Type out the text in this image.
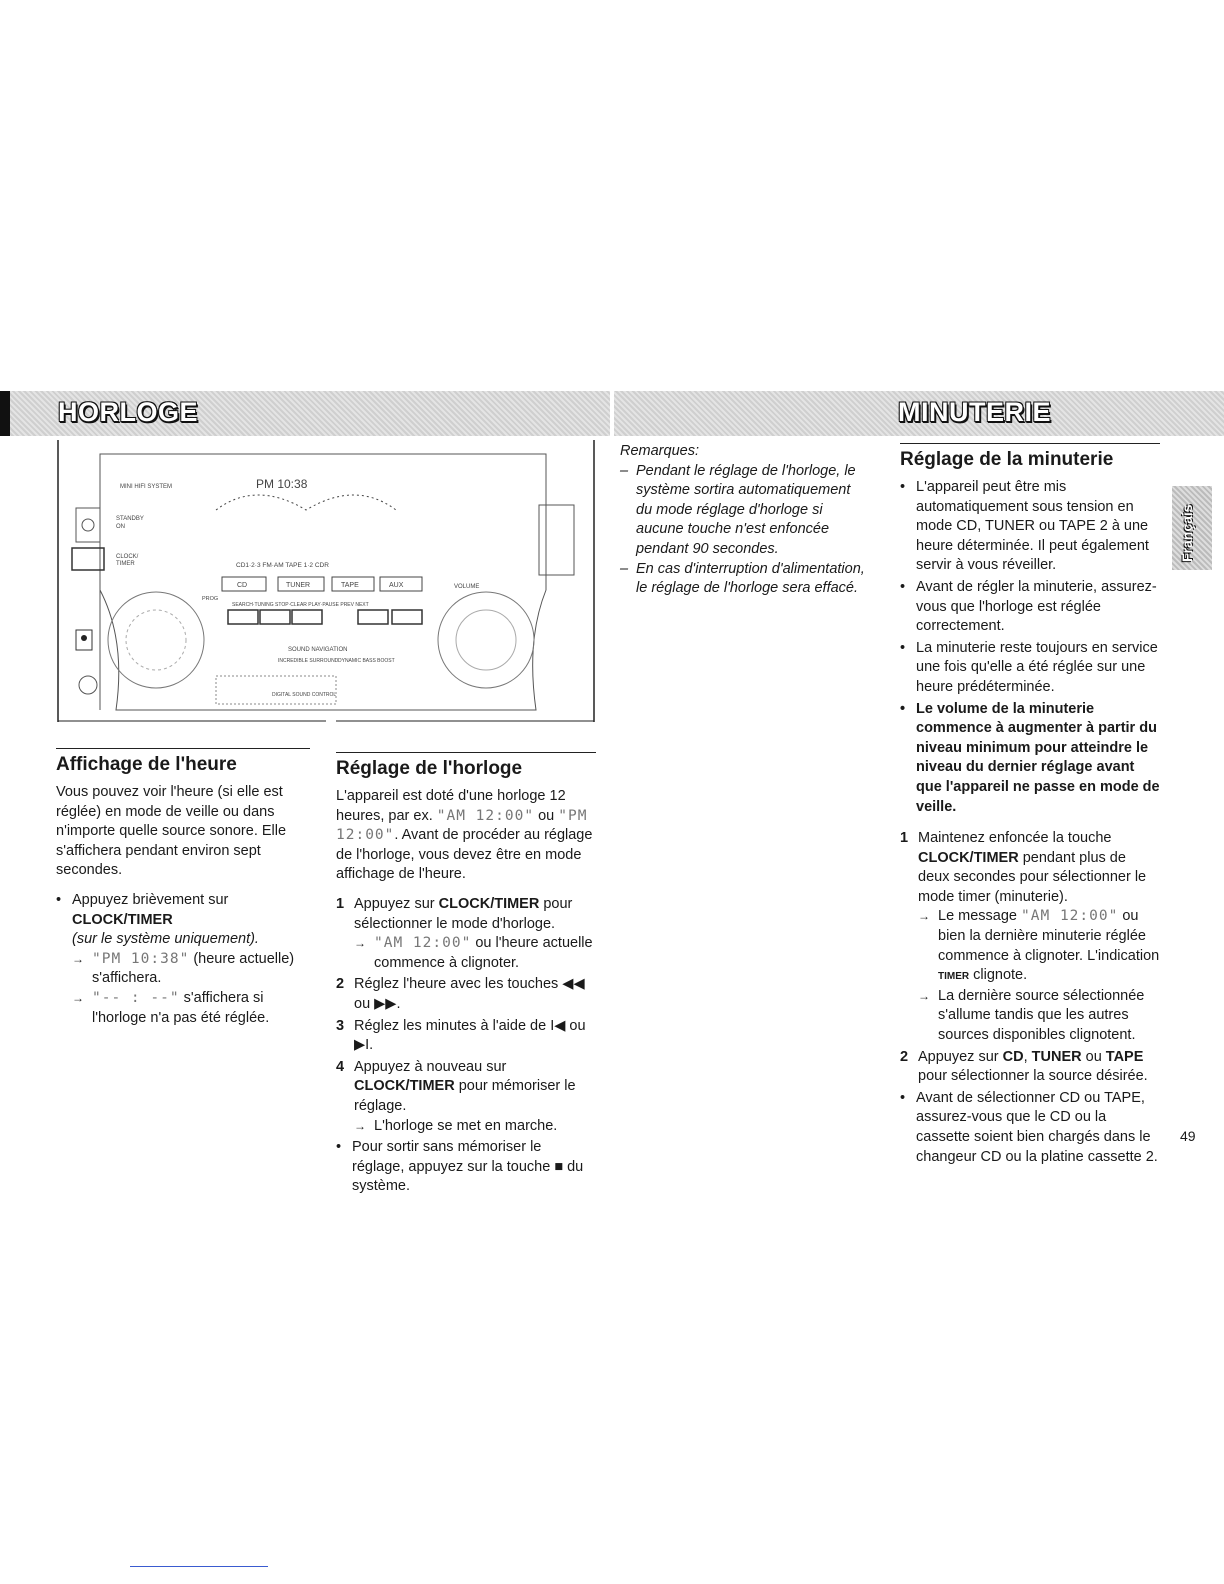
HORLOGE	MINUTERIE
Français
MINI HIFI SYSTEM
STANDBY
ON
CLOCK/
TIMER
PM 10:38
CD1·2·3 FM·AM TAPE 1·2 CDR
CD	TUNER	TAPE	AUX
PROG
VOLUME
SEARCH·TUNING STOP·CLEAR PLAY·PAUSE PREV NEXT
SOUND NAVIGATION
INCREDIBLE SURROUND DYNAMIC BASS BOOST
DIGITAL SOUND CONTROL
Affichage de l'heure

Vous pouvez voir l'heure (si elle est réglée) en mode de veille ou dans n'importe quelle source sonore. Elle s'affichera pendant environ sept secondes.

• Appuyez brièvement sur CLOCK/TIMER
(sur le système uniquement).
→ "PM 10:38" (heure actuelle) s'affichera.
→ "-- : --" s'affichera si l'horloge n'a pas été réglée.
Réglage de l'horloge

L'appareil est doté d'une horloge 12 heures, par ex. "AM 12:00" ou "PM 12:00". Avant de procéder au réglage de l'horloge, vous devez être en mode affichage de l'heure.

1 Appuyez sur CLOCK/TIMER pour sélectionner le mode d'horloge.
→ "AM 12:00" ou l'heure actuelle commence à clignoter.
2 Réglez l'heure avec les touches ◀◀ ou ▶▶.
3 Réglez les minutes à l'aide de I◀ ou ▶I.
4 Appuyez à nouveau sur CLOCK/TIMER pour mémoriser le réglage.
→ L'horloge se met en marche.
• Pour sortir sans mémoriser le réglage, appuyez sur la touche ■ du système.

Remarques:

– Pendant le réglage de l'horloge, le système sortira automatiquement du mode réglage d'horloge si aucune touche n'est enfoncée pendant 90 secondes.
– En cas d'interruption d'alimentation, le réglage de l'horloge sera effacé.
Réglage de la minuterie
• L'appareil peut être mis automatiquement sous tension en mode CD, TUNER ou TAPE 2 à une heure déterminée. Il peut également servir à vous réveiller.
• Avant de régler la minuterie, assurez-vous que l'horloge est réglée correctement.
• La minuterie reste toujours en service une fois qu'elle a été réglée sur une heure prédéterminée.
• Le volume de la minuterie commence à augmenter à partir du niveau minimum pour atteindre le niveau du dernier réglage avant que l'appareil ne passe en mode de veille.
1 Maintenez enfoncée la touche CLOCK/TIMER pendant plus de deux secondes pour sélectionner le mode timer (minuterie).
→ Le message "AM 12:00" ou bien la dernière minuterie réglée commence à clignoter. L'indication TIMER clignote.
→ La dernière source sélectionnée s'allume tandis que les autres sources disponibles clignotent.
2 Appuyez sur CD, TUNER ou TAPE pour sélectionner la source désirée.
• Avant de sélectionner CD ou TAPE, assurez-vous que le CD ou la cassette soient bien chargés dans le changeur CD ou la platine cassette 2.
49
